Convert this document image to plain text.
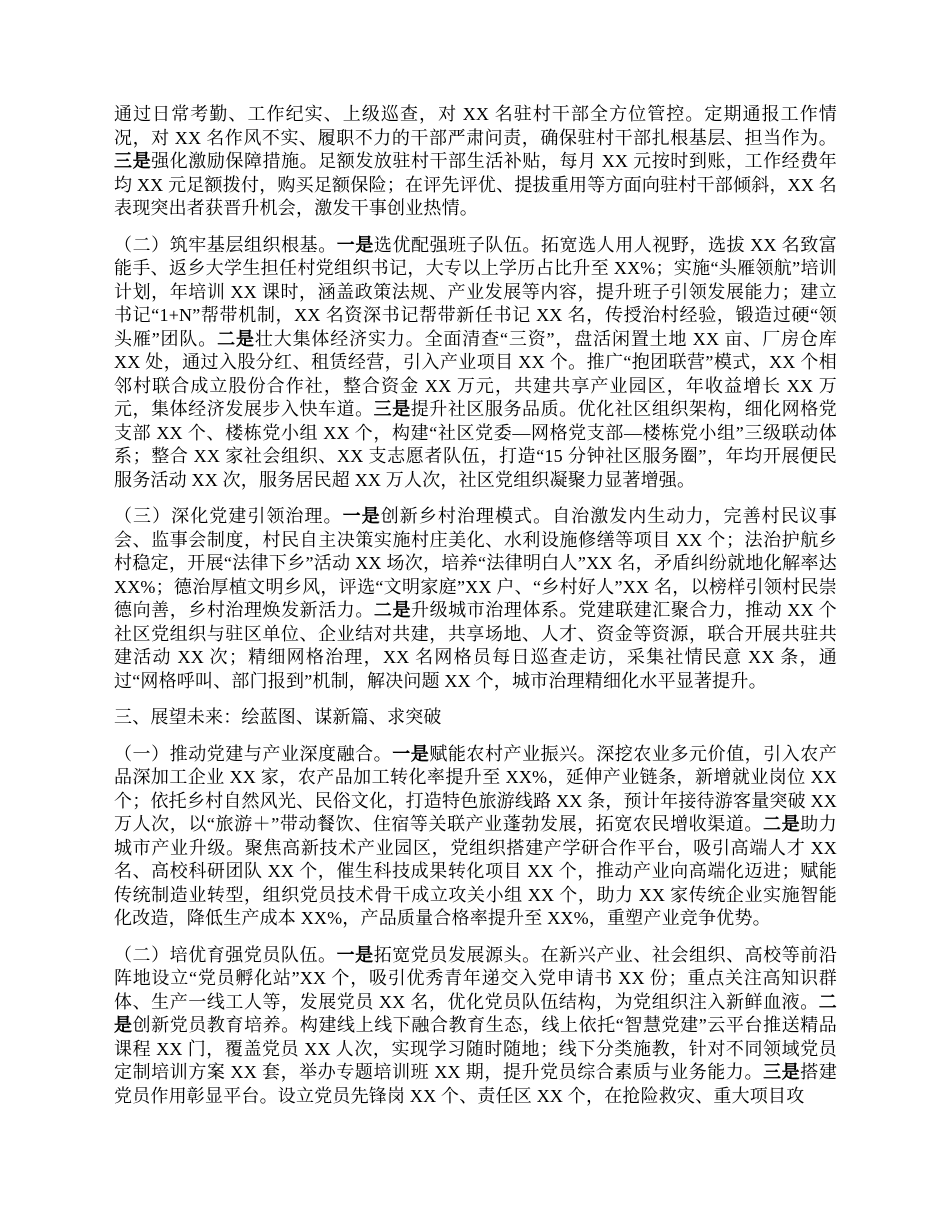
通过日常考勤、工作纪实、上级巡查，对 XX 名驻村干部全方位管控。定期通报工作情况，对 XX 名作风不实、履职不力的干部严肃问责，确保驻村干部扎根基层、担当作为。三是强化激励保障措施。足额发放驻村干部生活补贴，每月 XX 元按时到账，工作经费年均 XX 元足额拨付，购买足额保险；在评先评优、提拔重用等方面向驻村干部倾斜，XX 名表现突出者获晋升机会，激发干事创业热情。

（二）筑牢基层组织根基。一是选优配强班子队伍。拓宽选人用人视野，选拔 XX 名致富能手、返乡大学生担任村党组织书记，大专以上学历占比升至 XX%；实施“头雁领航”培训计划，年培训 XX 课时，涵盖政策法规、产业发展等内容，提升班子引领发展能力；建立书记“1+N”帮带机制，XX 名资深书记帮带新任书记 XX 名，传授治村经验，锻造过硬“领头雁”团队。二是壮大集体经济实力。全面清查“三资”，盘活闲置土地 XX 亩、厂房仓库 XX 处，通过入股分红、租赁经营，引入产业项目 XX 个。推广“抱团联营”模式，XX 个相邻村联合成立股份合作社，整合资金 XX 万元，共建共享产业园区，年收益增长 XX 万元，集体经济发展步入快车道。三是提升社区服务品质。优化社区组织架构，细化网格党支部 XX 个、楼栋党小组 XX 个，构建“社区党委—网格党支部—楼栋党小组”三级联动体系；整合 XX 家社会组织、XX 支志愿者队伍，打造“15 分钟社区服务圈”，年均开展便民服务活动 XX 次，服务居民超 XX 万人次，社区党组织凝聚力显著增强。

（三）深化党建引领治理。一是创新乡村治理模式。自治激发内生动力，完善村民议事会、监事会制度，村民自主决策实施村庄美化、水利设施修缮等项目 XX 个；法治护航乡村稳定，开展“法律下乡”活动 XX 场次，培养“法律明白人”XX 名，矛盾纠纷就地化解率达 XX%；德治厚植文明乡风，评选“文明家庭”XX 户、“乡村好人”XX 名，以榜样引领村民崇德向善，乡村治理焕发新活力。二是升级城市治理体系。党建联建汇聚合力，推动 XX 个社区党组织与驻区单位、企业结对共建，共享场地、人才、资金等资源，联合开展共驻共建活动 XX 次；精细网格治理，XX 名网格员每日巡查走访，采集社情民意 XX 条，通过“网格呼叫、部门报到”机制，解决问题 XX 个，城市治理精细化水平显著提升。

三、展望未来：绘蓝图、谋新篇、求突破

（一）推动党建与产业深度融合。一是赋能农村产业振兴。深挖农业多元价值，引入农产品深加工企业 XX 家，农产品加工转化率提升至 XX%，延伸产业链条，新增就业岗位 XX 个；依托乡村自然风光、民俗文化，打造特色旅游线路 XX 条，预计年接待游客量突破 XX 万人次，以“旅游＋”带动餐饮、住宿等关联产业蓬勃发展，拓宽农民增收渠道。二是助力城市产业升级。聚焦高新技术产业园区，党组织搭建产学研合作平台，吸引高端人才 XX 名、高校科研团队 XX 个，催生科技成果转化项目 XX 个，推动产业向高端化迈进；赋能传统制造业转型，组织党员技术骨干成立攻关小组 XX 个，助力 XX 家传统企业实施智能化改造，降低生产成本 XX%，产品质量合格率提升至 XX%，重塑产业竞争优势。

（二）培优育强党员队伍。一是拓宽党员发展源头。在新兴产业、社会组织、高校等前沿阵地设立“党员孵化站”XX 个，吸引优秀青年递交入党申请书 XX 份；重点关注高知识群体、生产一线工人等，发展党员 XX 名，优化党员队伍结构，为党组织注入新鲜血液。二是创新党员教育培养。构建线上线下融合教育生态，线上依托“智慧党建”云平台推送精品课程 XX 门，覆盖党员 XX 人次，实现学习随时随地；线下分类施教，针对不同领域党员定制培训方案 XX 套，举办专题培训班 XX 期，提升党员综合素质与业务能力。三是搭建党员作用彰显平台。设立党员先锋岗 XX 个、责任区 XX 个，在抢险救灾、重大项目攻
